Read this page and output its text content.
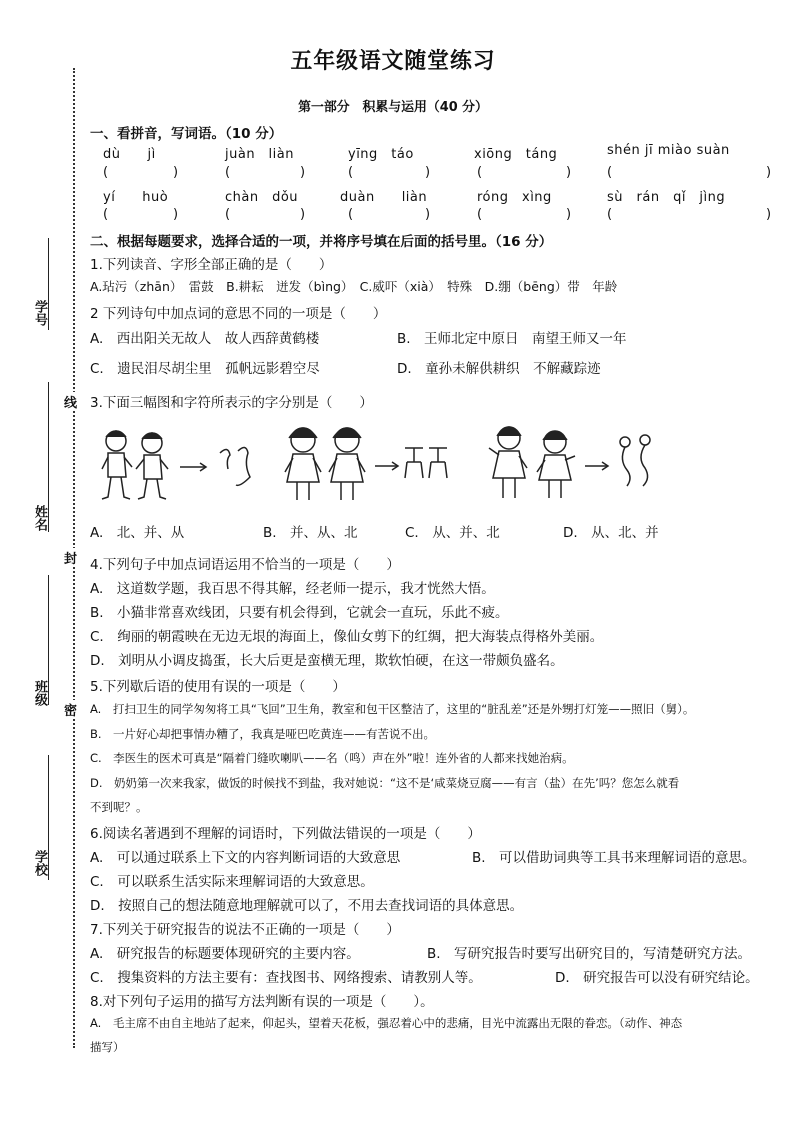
学号
姓名
班级
学校
线
封
密
五年级语文随堂练习
第一部分　积累与运用（40 分）
一、看拼音，写词语。（10 分）
dù　　jì	juàn　liàn	yīng　táo	xiōng　táng	shén jī miào suàn
(	)	(	)	(	)	(	)	(	)
yí　　huò	chàn　dǒu	duàn　　liàn	róng　xìng	sù　rán　qǐ　jìng
(	)	(	)	(	)	(	)	(	)
二、根据每题要求，选择合适的一项，并将序号填在后面的括号里。（16 分）
1.下列读音、字形全部正确的是（　　）
A.玷污（zhān）　雷鼓　B.耕耘　迸发（bìng）　C.威吓（xià）　特殊　D.绷（bēng）带　年龄
2 下列诗句中加点词的意思不同的一项是（　　）
A.　西出阳关无故人　故人西辞黄鹤楼	B.　王师北定中原日　南望王师又一年
C.　遗民泪尽胡尘里　孤帆远影碧空尽	D.　童孙未解供耕织　不解藏踪迹
3.下面三幅图和字符所表示的字分别是（　　）
A.　北、并、从	B.　并、从、北	C.　从、并、北	D.　从、北、并
4.下列句子中加点词语运用不恰当的一项是（　　）
A.　这道数学题，我百思不得其解，经老师一提示，我才恍然大悟。
B.　小猫非常喜欢线团，只要有机会得到，它就会一直玩，乐此不疲。
C.　绚丽的朝霞映在无边无垠的海面上，像仙女剪下的红绸，把大海装点得格外美丽。
D.　刘明从小调皮捣蛋，长大后更是蛮横无理，欺软怕硬，在这一带颇负盛名。
5.下列歇后语的使用有误的一项是（　　）
A.　打扫卫生的同学匆匆将工具“飞回”卫生角，教室和包干区整洁了，这里的“脏乱差”还是外甥打灯笼——照旧（舅）。
B.　一片好心却把事情办糟了，我真是哑巴吃黄连——有苦说不出。
C.　李医生的医术可真是“隔着门缝吹喇叭——名（鸣）声在外”啦！连外省的人都来找她治病。
D.　奶奶第一次来我家，做饭的时候找不到盐，我对她说：“这不是‘咸菜烧豆腐——有言（盐）在先’吗？您怎么就看
不到呢？。
6.阅读名著遇到不理解的词语时，下列做法错误的一项是（　　）
A.　可以通过联系上下文的内容判断词语的大致意思	B.　可以借助词典等工具书来理解词语的意思。
C.　可以联系生活实际来理解词语的大致意思。
D.　按照自己的想法随意地理解就可以了，不用去查找词语的具体意思。
7.下列关于研究报告的说法不正确的一项是（　　）
A.　研究报告的标题要体现研究的主要内容。	B.　写研究报告时要写出研究目的，写清楚研究方法。
C.　搜集资料的方法主要有：查找图书、网络搜索、请教别人等。	D.　研究报告可以没有研究结论。
8.对下列句子运用的描写方法判断有误的一项是（　　）。
A.　毛主席不由自主地站了起来，仰起头，望着天花板，强忍着心中的悲痛，目光中流露出无限的眷恋。（动作、神态
描写）
